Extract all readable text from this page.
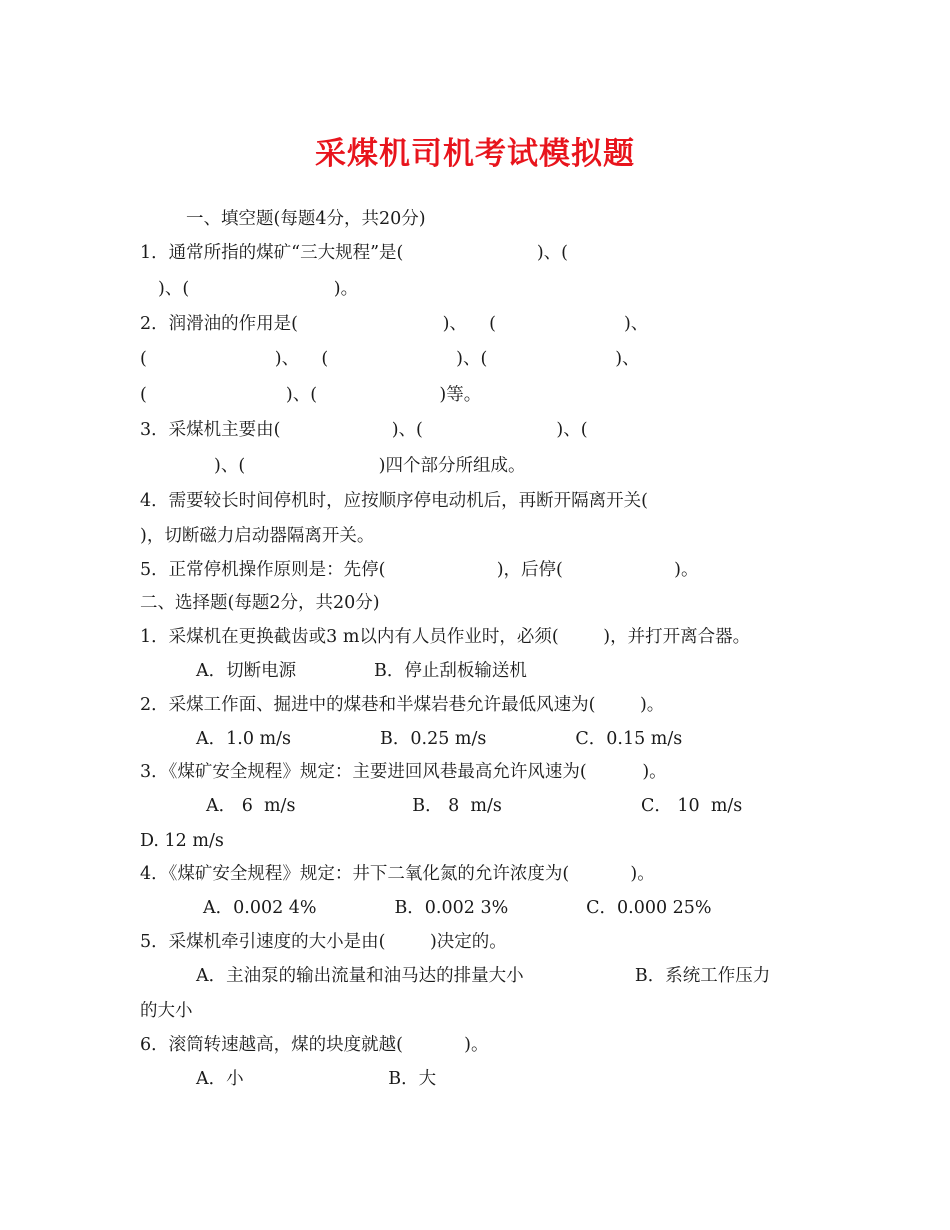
采煤机司机考试模拟题

一、填空题(每题4分，共20分)

1．通常所指的煤矿“三大规程”是(                        )、(

)、(                          )。

2．润滑油的作用是(                          )、    (                       )、

(                       )、    (                       )、(                       )、

(                         )、(                      )等。

3．采煤机主要由(                    )、(                        )、(

)、(                        )四个部分所组成。

4．需要较长时间停机时，应按顺序停电动机后，再断开隔离开关(

)，切断磁力启动器隔离开关。

5．正常停机操作原则是：先停(                    )，后停(                    )。

二、选择题(每题2分，共20分)

1．采煤机在更换截齿或3 m以内有人员作业时，必须(        )，并打开离合器。

A．切断电源              B．停止刮板输送机

2．采煤工作面、掘进中的煤巷和半煤岩巷允许最低风速为(        )。

A．1.0 m/s                B．0.25 m/s                C．0.15 m/s

3．《煤矿安全规程》规定：主要进回风巷最高允许风速为(          )。

A． 6  m/s                     B． 8  m/s                         C． 10  m/s

D. 12 m/s

4．《煤矿安全规程》规定：井下二氧化氮的允许浓度为(           )。

A．0.002 4%              B．0.002 3%              C．0.000 25%

5．采煤机牵引速度的大小是由(        )决定的。

A．主油泵的输出流量和油马达的排量大小                    B．系统工作压力

的大小

6．滚筒转速越高，煤的块度就越(           )。

A．小                          B．大
